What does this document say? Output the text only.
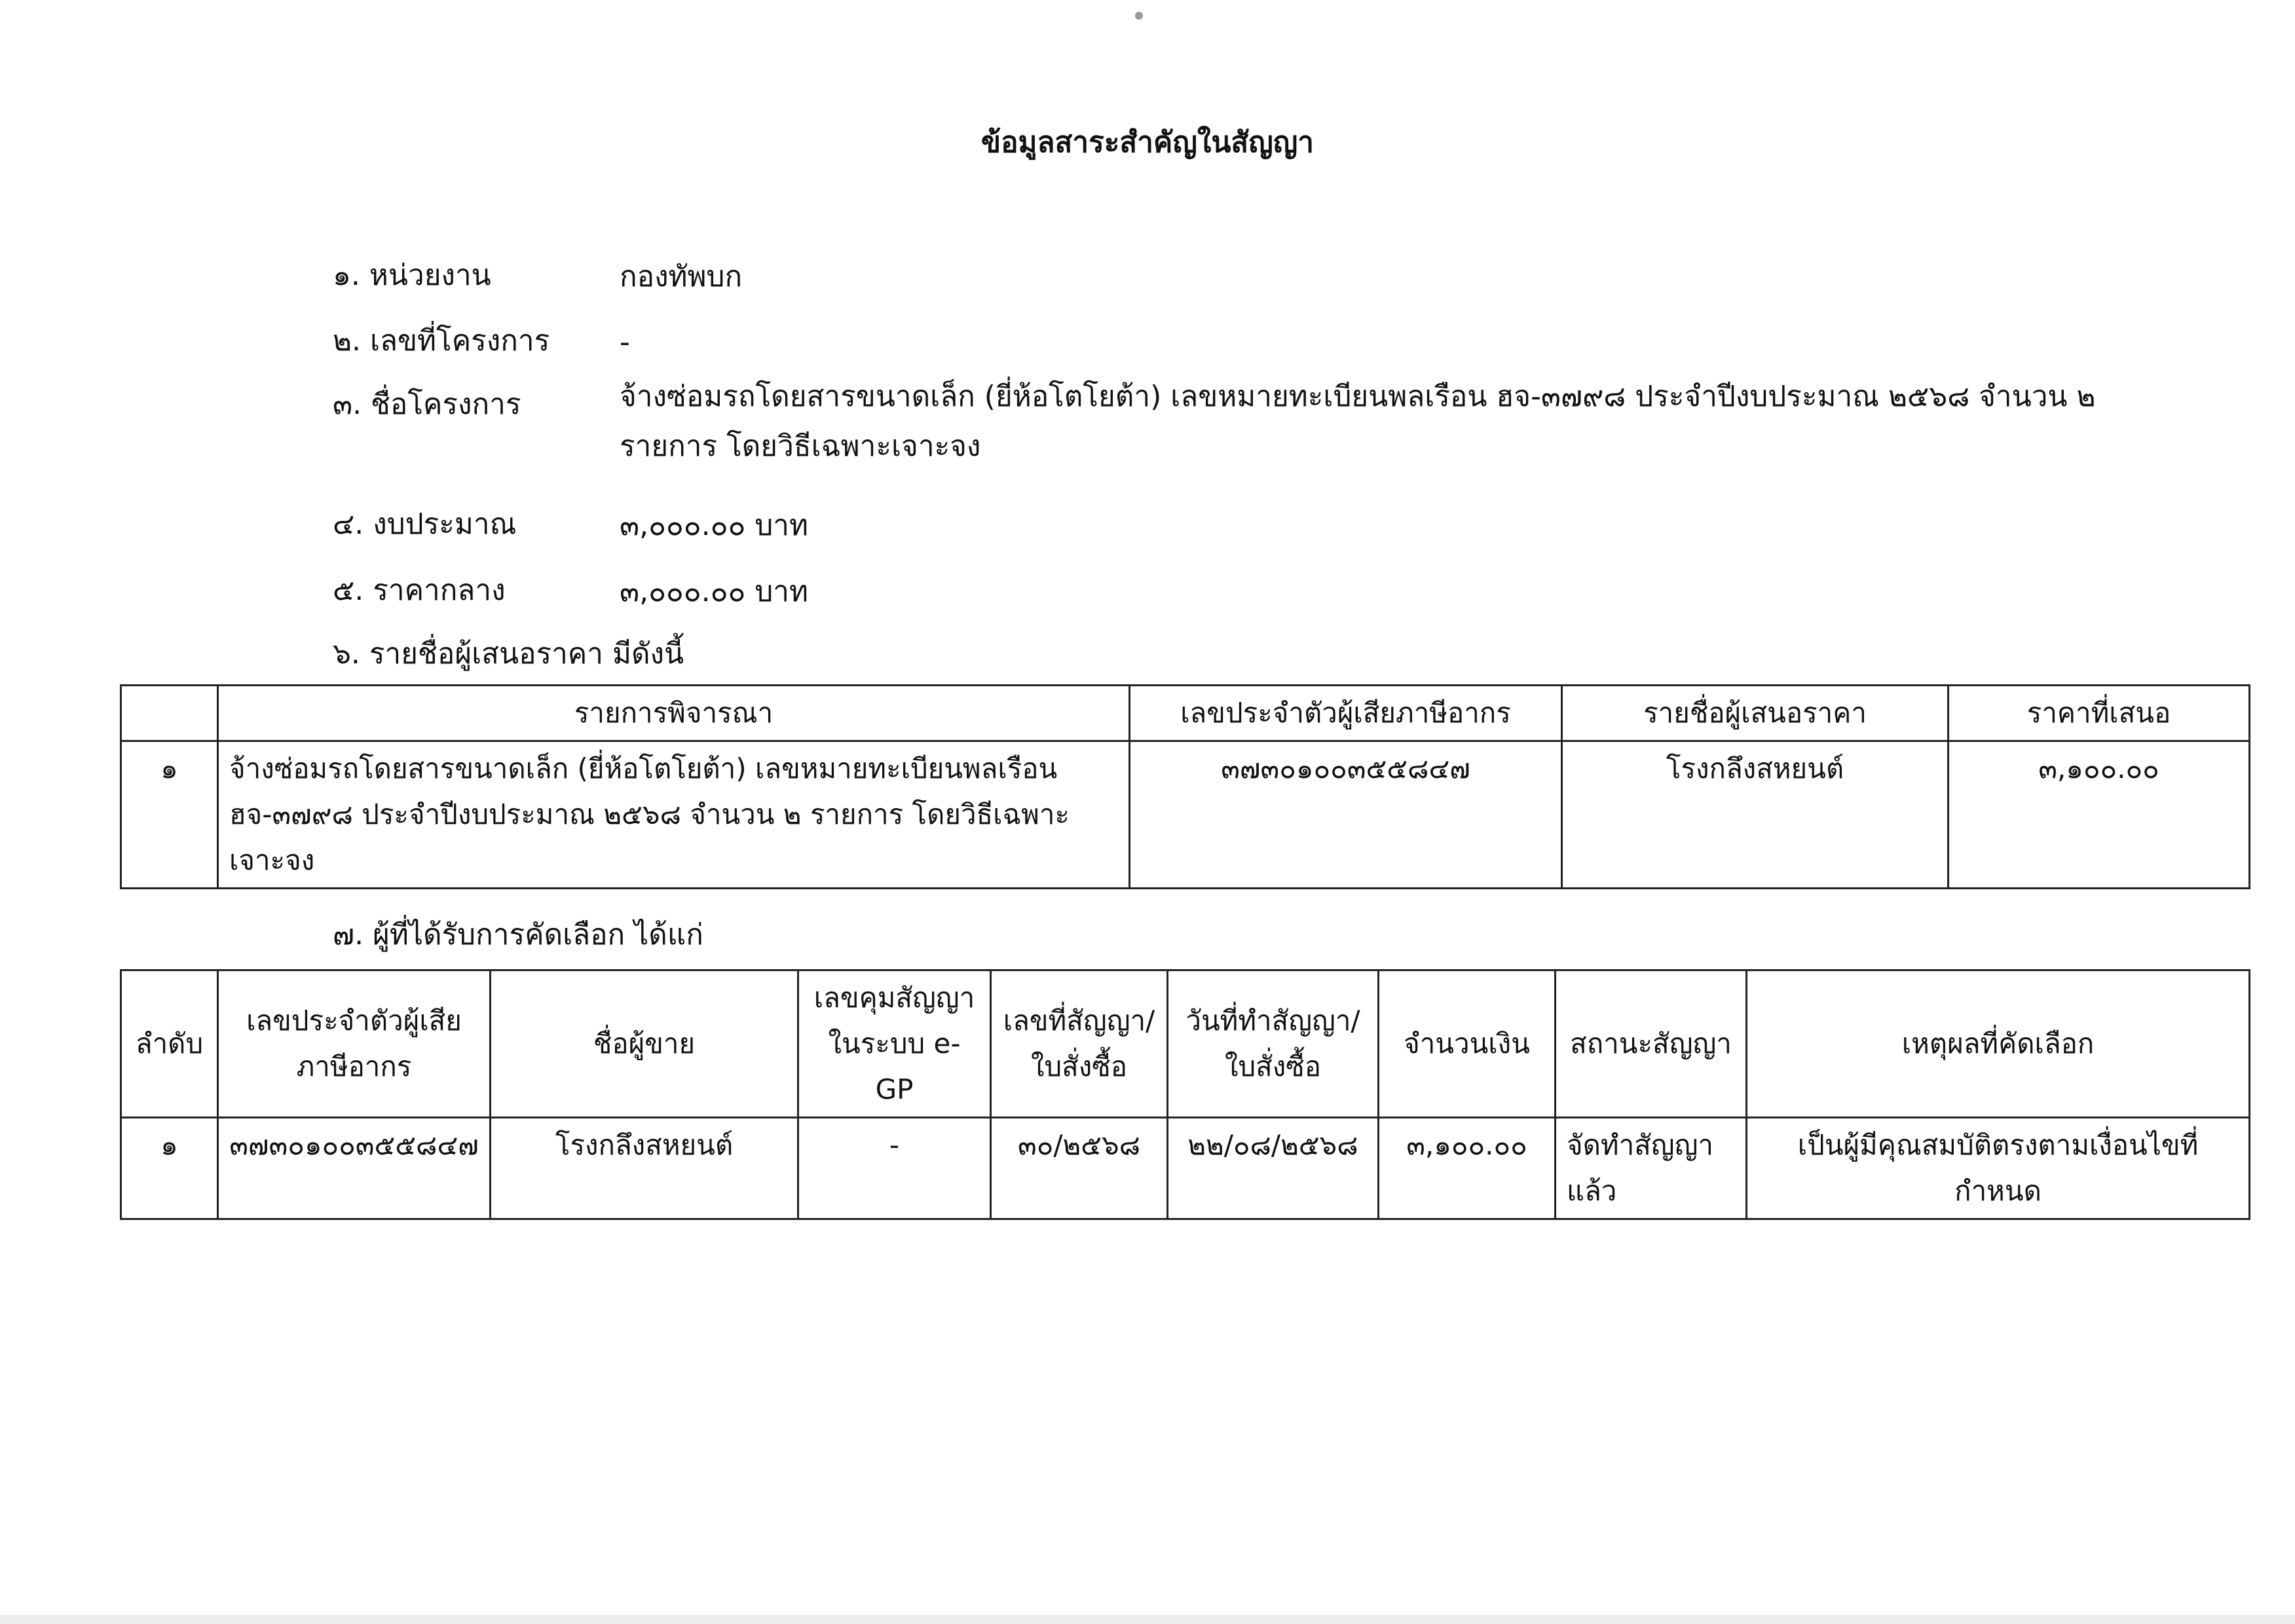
ข้อมูลสาระสำคัญในสัญญา
๑. หน่วยงาน	กองทัพบก
๒. เลขที่โครงการ -
๓. ชื่อโครงการ	จ้างซ่อมรถโดยสารขนาดเล็ก (ยี่ห้อโตโยต้า) เลขหมายทะเบียนพลเรือน ฮจ-๓๗๙๘ ประจำปีงบประมาณ ๒๕๖๘ จำนวน ๒ รายการ โดยวิธีเฉพาะเจาะจง
๔. งบประมาณ	๓,๐๐๐.๐๐ บาท
๕. ราคากลาง	๓,๐๐๐.๐๐ บาท
๖. รายชื่อผู้เสนอราคา มีดังนี้
	รายการพิจารณา	เลขประจำตัวผู้เสียภาษีอากร	รายชื่อผู้เสนอราคา	ราคาที่เสนอ
๑	จ้างซ่อมรถโดยสารขนาดเล็ก (ยี่ห้อโตโยต้า) เลขหมายทะเบียนพลเรือน ฮจ-๓๗๙๘ ประจำปีงบประมาณ ๒๕๖๘ จำนวน ๒ รายการ โดยวิธีเฉพาะเจาะจง	๓๗๓๐๑๐๐๓๕๕๘๔๗	โรงกลึงสหยนต์	๓,๑๐๐.๐๐
๗. ผู้ที่ได้รับการคัดเลือก ได้แก่
ลำดับ	เลขประจำตัวผู้เสียภาษีอากร	ชื่อผู้ขาย	เลขคุมสัญญาในระบบ e-GP	เลขที่สัญญา/ใบสั่งซื้อ	วันที่ทำสัญญา/ใบสั่งซื้อ	จำนวนเงิน	สถานะสัญญา	เหตุผลที่คัดเลือก
๑	๓๗๓๐๑๐๐๓๕๕๘๔๗	โรงกลึงสหยนต์	-	๓๐/๒๕๖๘	๒๒/๐๘/๒๕๖๘	๓,๑๐๐.๐๐	จัดทำสัญญาแล้ว	เป็นผู้มีคุณสมบัติตรงตามเงื่อนไขที่กำหนด
